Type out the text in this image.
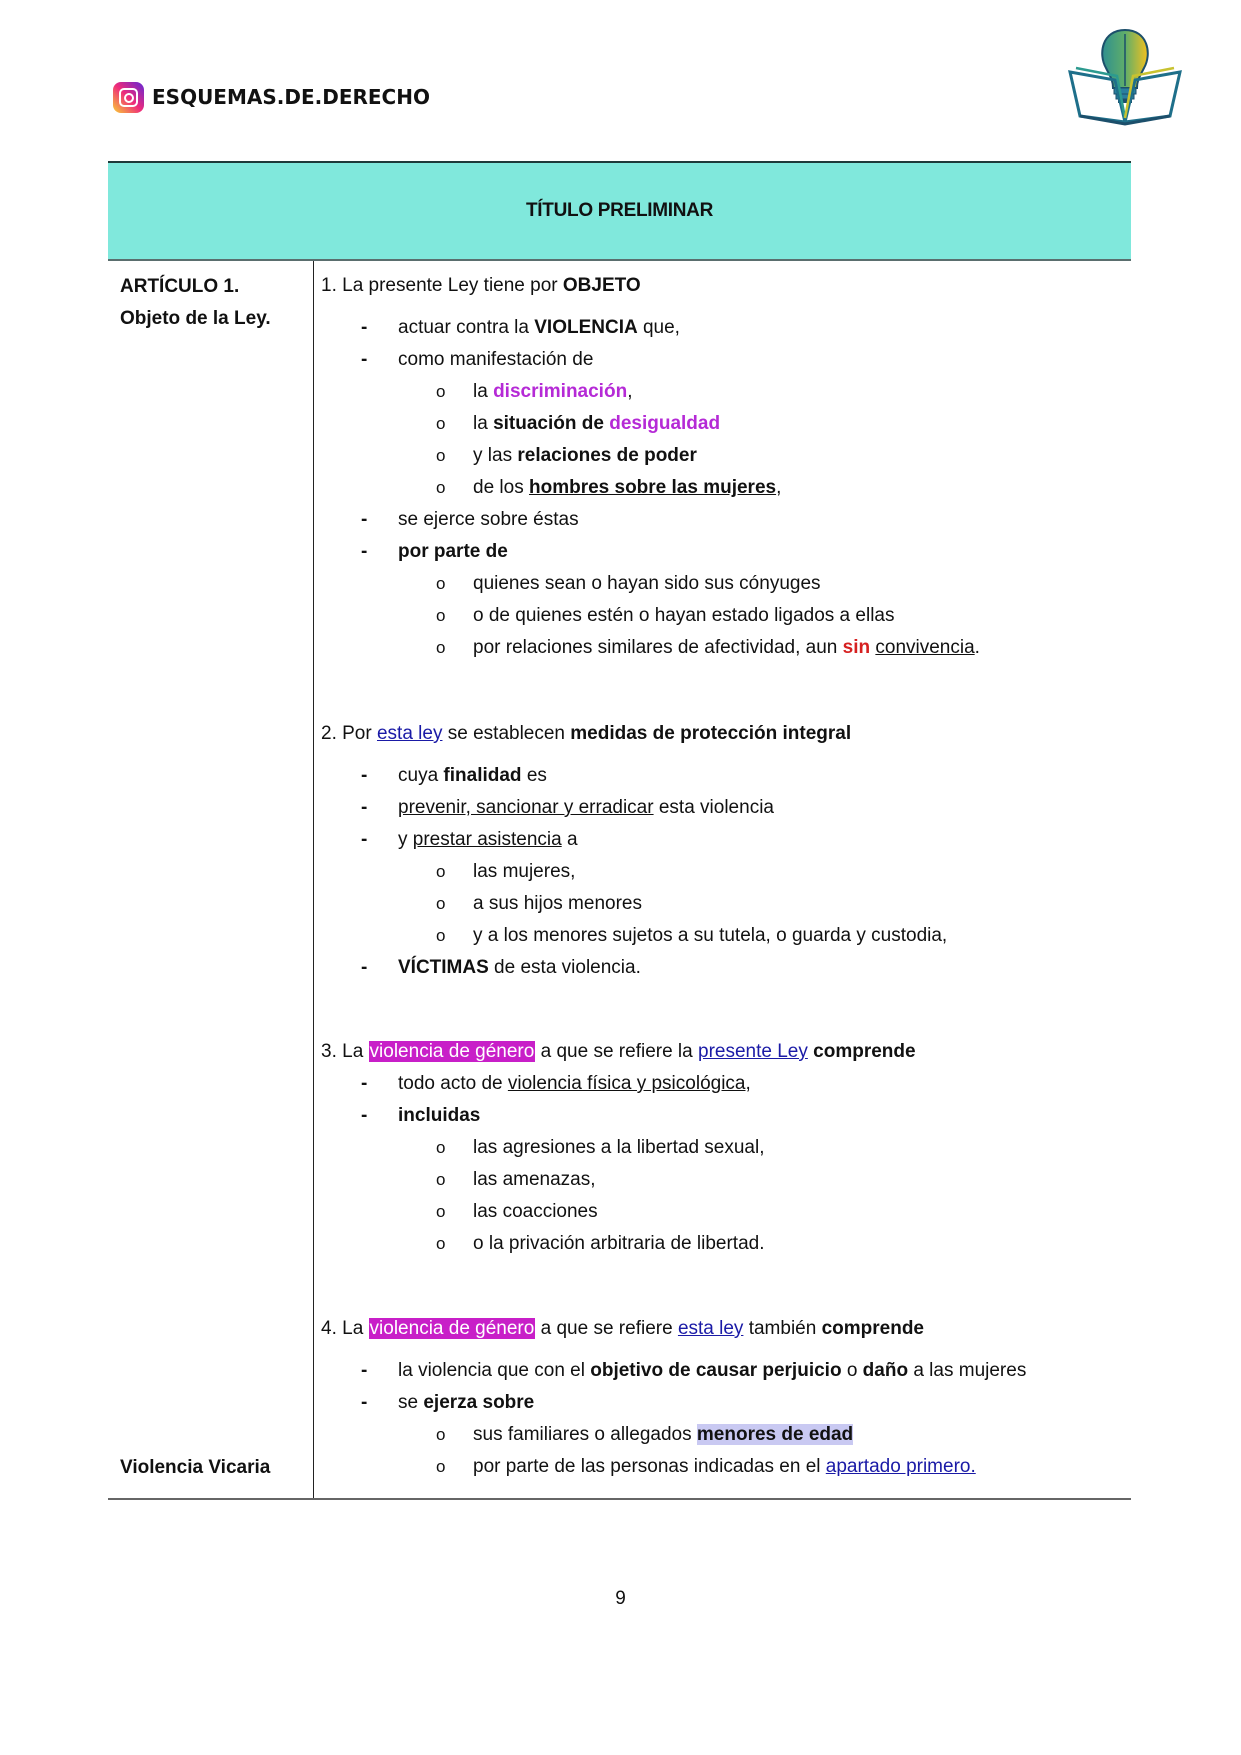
ESQUEMAS.DE.DERECHO
TÍTULO PRELIMINAR
ARTÍCULO 1.
Objeto de la Ley.
Violencia Vicaria
1. La presente Ley tiene por OBJETO
- actuar contra la VIOLENCIA que,
- como manifestación de
o la discriminación,
o la situación de desigualdad
o y las relaciones de poder
o de los hombres sobre las mujeres,
- se ejerce sobre éstas
- por parte de
o quienes sean o hayan sido sus cónyuges
o o de quienes estén o hayan estado ligados a ellas
o por relaciones similares de afectividad, aun sin convivencia.
2. Por esta ley se establecen medidas de protección integral
- cuya finalidad es
- prevenir, sancionar y erradicar esta violencia
- y prestar asistencia a
o las mujeres,
o a sus hijos menores
o y a los menores sujetos a su tutela, o guarda y custodia,
- VÍCTIMAS de esta violencia.
3. La violencia de género a que se refiere la presente Ley comprende
- todo acto de violencia física y psicológica,
- incluidas
o las agresiones a la libertad sexual,
o las amenazas,
o las coacciones
o o la privación arbitraria de libertad.
4. La violencia de género a que se refiere esta ley también comprende
- la violencia que con el objetivo de causar perjuicio o daño a las mujeres
- se ejerza sobre
o sus familiares o allegados menores de edad
o por parte de las personas indicadas en el apartado primero.
9
